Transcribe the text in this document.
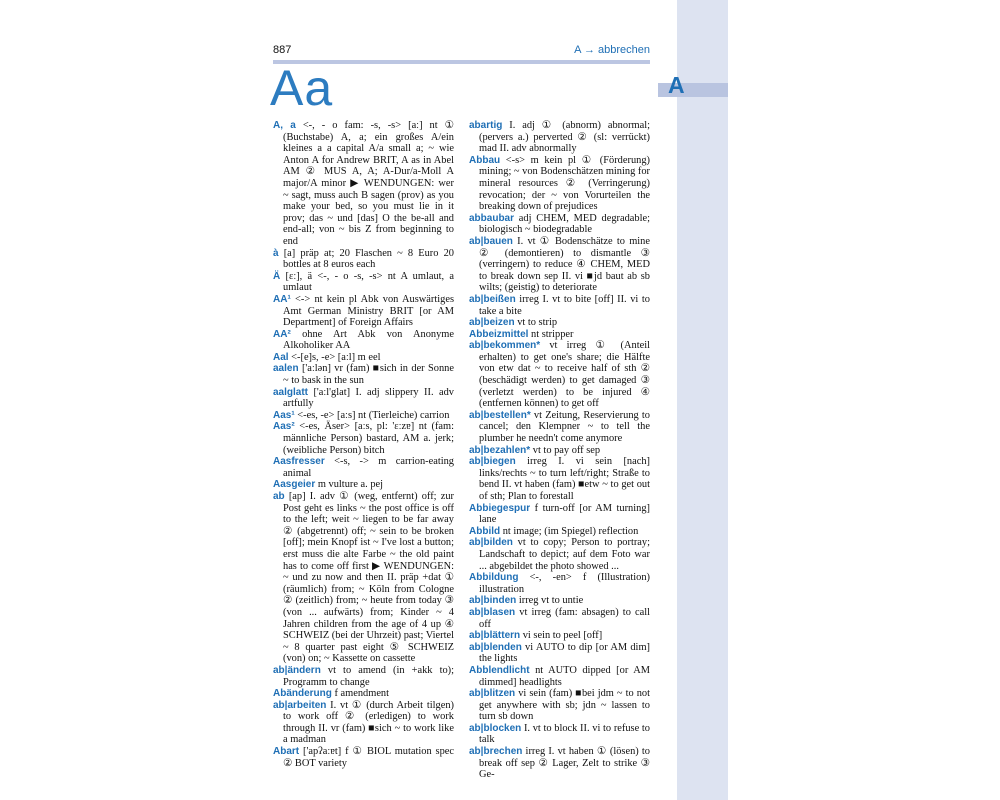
A
887	A → abbrechen
Aa
A, a <-, - o fam: -s, -s> [aː] nt ① (Buchstabe) A, a; ein großes A/ein kleines a a capital A/a small a; ~ wie Anton A for Andrew BRIT, A as in Abel AM ② MUS A, A; A-Dur/a-Moll A major/A minor ▶ WENDUNGEN: wer ~ sagt, muss auch B sagen (prov) as you make your bed, so you must lie in it prov; das ~ und [das] O the be-all and end-all; von ~ bis Z from beginning to end
à [a] präp at; 20 Flaschen ~ 8 Euro 20 bottles at 8 euros each
Ä [ɛː], ä <-, - o -s, -s> nt A umlaut, a umlaut
AA¹ <-> nt kein pl Abk von Auswärtiges Amt German Ministry BRIT [or AM Department] of Foreign Affairs
AA² ohne Art Abk von Anonyme Alkoholiker AA
Aal <-[e]s, -e> [aːl] m eel
aalen ['aːlən] vr (fam) ■sich in der Sonne ~ to bask in the sun
aalglatt ['aːl'glat] I. adj slippery II. adv artfully
Aas¹ <-es, -e> [aːs] nt (Tierleiche) carrion
Aas² <-es, Äser> [aːs, pl: 'ɛːzɐ] nt (fam: männliche Person) bastard, AM a. jerk; (weibliche Person) bitch
Aasfresser <-s, -> m carrion-eating animal
Aasgeier m vulture a. pej
ab [ap] I. adv ① (weg, entfernt) off; zur Post geht es links ~ the post office is off to the left; weit ~ liegen to be far away ② (abgetrennt) off; ~ sein to be broken [off]; mein Knopf ist ~ I've lost a button; erst muss die alte Farbe ~ the old paint has to come off first ▶ WENDUNGEN: ~ und zu now and then II. präp +dat ① (räumlich) from; ~ Köln from Cologne ② (zeitlich) from; ~ heute from today ③ (von ... aufwärts) from; Kinder ~ 4 Jahren children from the age of 4 up ④ SCHWEIZ (bei der Uhrzeit) past; Viertel ~ 8 quarter past eight ⑤ SCHWEIZ (von) on; ~ Kassette on cassette
ab|ändern vt to amend (in +akk to); Programm to change
Abänderung f amendment
ab|arbeiten I. vt ① (durch Arbeit tilgen) to work off ② (erledigen) to work through II. vr (fam) ■sich ~ to work like a madman
Abart ['apʔaːɐt] f ① BIOL mutation spec ② BOT variety
abartig I. adj ① (abnorm) abnormal; (pervers a.) perverted ② (sl: verrückt) mad II. adv abnormally
Abbau <-s> m kein pl ① (Förderung) mining; ~ von Bodenschätzen mining for mineral resources ② (Verringerung) revocation; der ~ von Vorurteilen the breaking down of prejudices
abbaubar adj CHEM, MED degradable; biologisch ~ biodegradable
ab|bauen I. vt ① Bodenschätze to mine ② (demontieren) to dismantle ③ (verringern) to reduce ④ CHEM, MED to break down sep II. vi ■jd baut ab sb wilts; (geistig) to deteriorate
ab|beißen irreg I. vt to bite [off] II. vi to take a bite
ab|beizen vt to strip
Abbeizmittel nt stripper
ab|bekommen* vt irreg ① (Anteil erhalten) to get one's share; die Hälfte von etw dat ~ to receive half of sth ② (beschädigt werden) to get damaged ③ (verletzt werden) to be injured ④ (entfernen können) to get off
ab|bestellen* vt Zeitung, Reservierung to cancel; den Klempner ~ to tell the plumber he needn't come anymore
ab|bezahlen* vt to pay off sep
ab|biegen irreg I. vi sein [nach] links/rechts ~ to turn left/right; Straße to bend II. vt haben (fam) ■etw ~ to get out of sth; Plan to forestall
Abbiegespur f turn-off [or AM turning] lane
Abbild nt image; (im Spiegel) reflection
ab|bilden vt to copy; Person to portray; Landschaft to depict; auf dem Foto war ... abgebildet the photo showed ...
Abbildung <-, -en> f (Illustration) illustration
ab|binden irreg vt to untie
ab|blasen vt irreg (fam: absagen) to call off
ab|blättern vi sein to peel [off]
ab|blenden vi AUTO to dip [or AM dim] the lights
Abblendlicht nt AUTO dipped [or AM dimmed] headlights
ab|blitzen vi sein (fam) ■bei jdm ~ to not get anywhere with sb; jdn ~ lassen to turn sb down
ab|blocken I. vt to block II. vi to refuse to talk
ab|brechen irreg I. vt haben ① (lösen) to break off sep ② Lager, Zelt to strike ③ Ge-
